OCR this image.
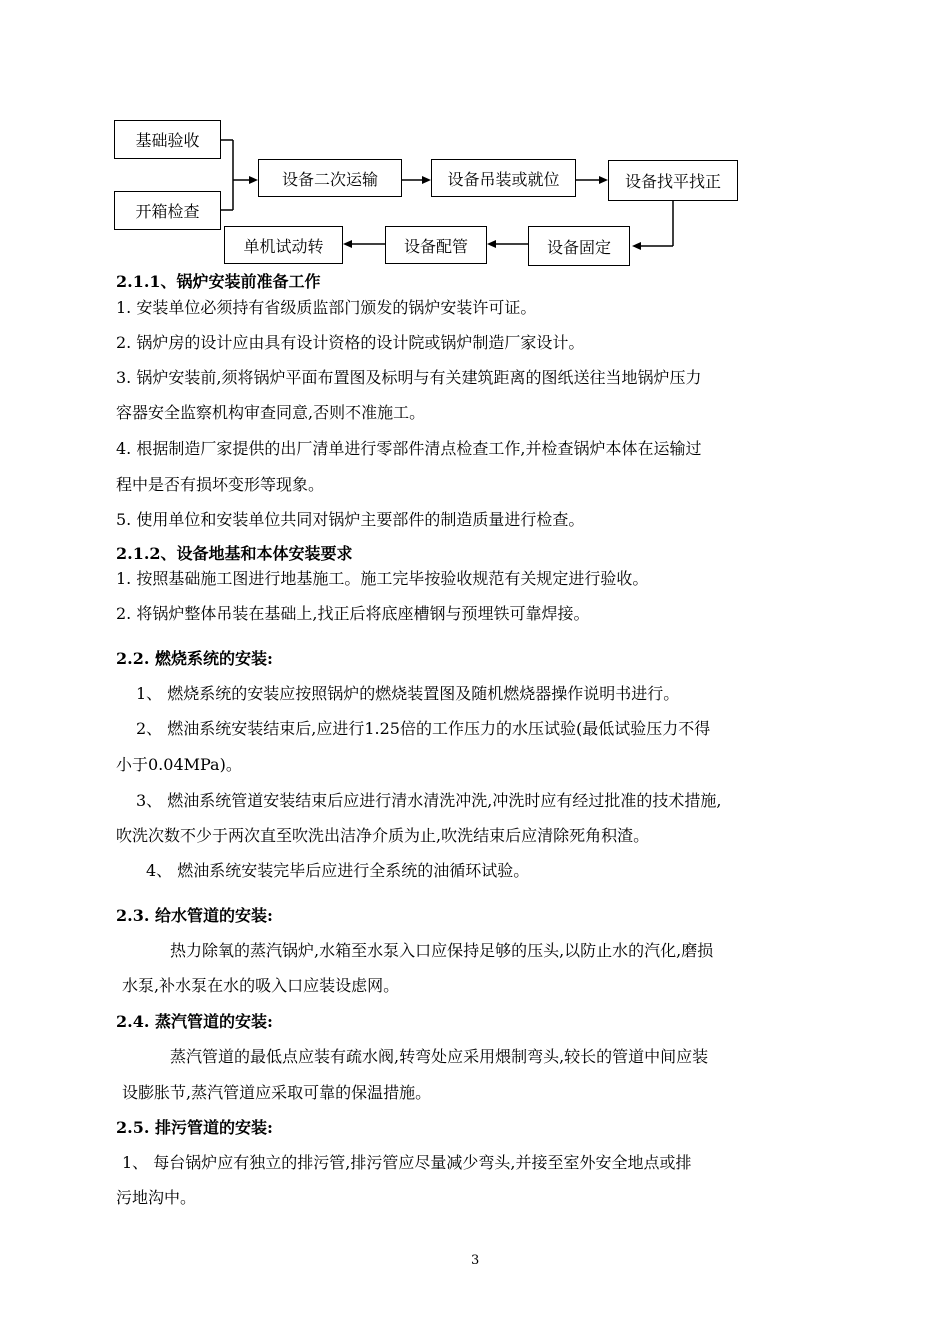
基础验收
开箱检查
设备二次运输	设备吊装或就位	设备找平找正
设备固定
设备配管
单机试动转
2.1.1、锅炉安装前准备工作
1. 安装单位必须持有省级质监部门颁发的锅炉安装许可证。
2. 锅炉房的设计应由具有设计资格的设计院或锅炉制造厂家设计。
3. 锅炉安装前,须将锅炉平面布置图及标明与有关建筑距离的图纸送往当地锅炉压力
容器安全监察机构审查同意,否则不准施工。
4. 根据制造厂家提供的出厂清单进行零部件清点检查工作,并检查锅炉本体在运输过
程中是否有损坏变形等现象。
5. 使用单位和安装单位共同对锅炉主要部件的制造质量进行检查。
2.1.2、设备地基和本体安装要求
1. 按照基础施工图进行地基施工。施工完毕按验收规范有关规定进行验收。
2. 将锅炉整体吊装在基础上,找正后将底座槽钢与预埋铁可靠焊接。
2.2. 燃烧系统的安装:
1、 燃烧系统的安装应按照锅炉的燃烧装置图及随机燃烧器操作说明书进行。
2、 燃油系统安装结束后,应进行1.25倍的工作压力的水压试验(最低试验压力不得
小于0.04MPa)。
3、 燃油系统管道安装结束后应进行清水清洗冲洗,冲洗时应有经过批准的技术措施,
吹洗次数不少于两次直至吹洗出洁净介质为止,吹洗结束后应清除死角积渣。
4、 燃油系统安装完毕后应进行全系统的油循环试验。
2.3. 给水管道的安装:
热力除氧的蒸汽锅炉,水箱至水泵入口应保持足够的压头,以防止水的汽化,磨损
水泵,补水泵在水的吸入口应装设虑网。
2.4. 蒸汽管道的安装:
蒸汽管道的最低点应装有疏水阀,转弯处应采用煨制弯头,较长的管道中间应装
设膨胀节,蒸汽管道应采取可靠的保温措施。
2.5. 排污管道的安装:
1、 每台锅炉应有独立的排污管,排污管应尽量减少弯头,并接至室外安全地点或排
污地沟中。
3
